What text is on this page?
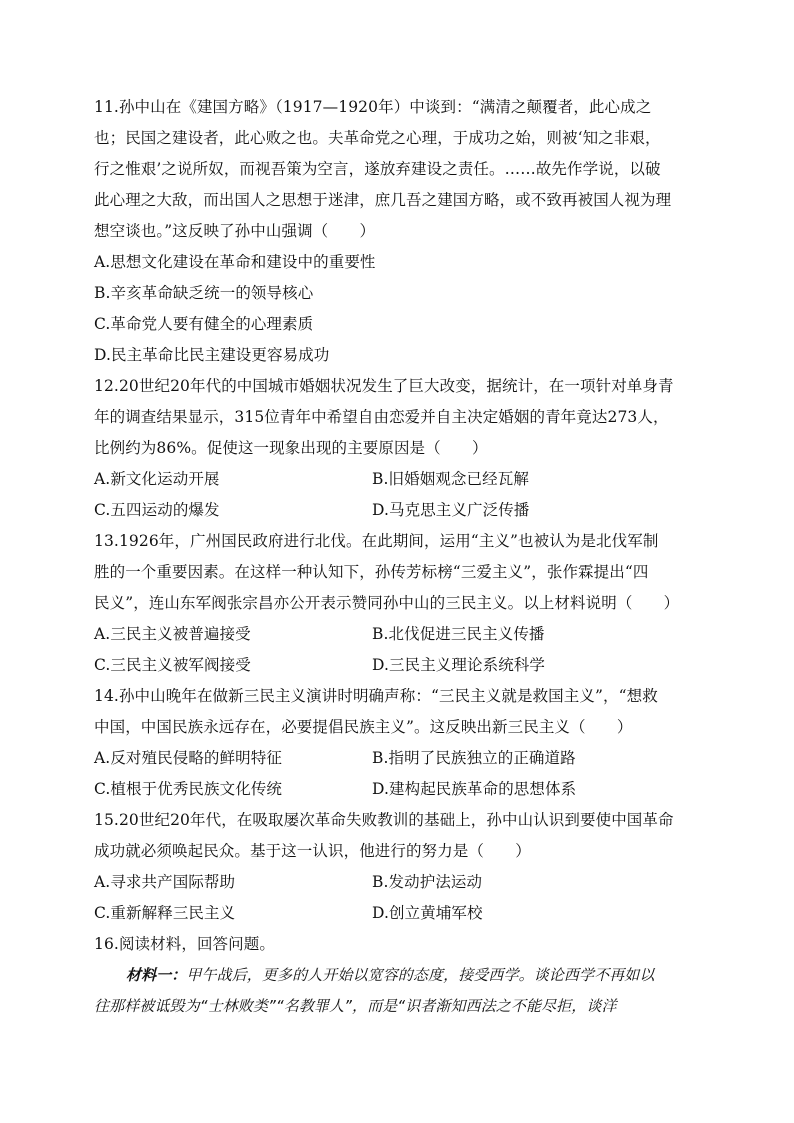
11.孙中山在《建国方略》（1917—1920年）中谈到：“满清之颠覆者，此心成之
也；民国之建设者，此心败之也。夫革命党之心理，于成功之始，则被‘知之非艰，
行之惟艰’之说所奴，而视吾策为空言，遂放弃建设之责任。……故先作学说，以破
此心理之大敌，而出国人之思想于迷津，庶几吾之建国方略，或不致再被国人视为理
想空谈也。”这反映了孙中山强调（　　）
A.思想文化建设在革命和建设中的重要性
B.辛亥革命缺乏统一的领导核心
C.革命党人要有健全的心理素质
D.民主革命比民主建设更容易成功
12.20世纪20年代的中国城市婚姻状况发生了巨大改变，据统计，在一项针对单身青
年的调查结果显示，315位青年中希望自由恋爱并自主决定婚姻的青年竟达273人，
比例约为86%。促使这一现象出现的主要原因是（　　）
A.新文化运动开展	B.旧婚姻观念已经瓦解
C.五四运动的爆发	D.马克思主义广泛传播
13.1926年，广州国民政府进行北伐。在此期间，运用“主义”也被认为是北伐军制
胜的一个重要因素。在这样一种认知下，孙传芳标榜“三爱主义”，张作霖提出“四
民义”，连山东军阀张宗昌亦公开表示赞同孙中山的三民主义。以上材料说明（　　）
A.三民主义被普遍接受	B.北伐促进三民主义传播
C.三民主义被军阀接受	D.三民主义理论系统科学
14.孙中山晚年在做新三民主义演讲时明确声称：“三民主义就是救国主义”，“想救
中国，中国民族永远存在，必要提倡民族主义”。这反映出新三民主义（　　）
A.反对殖民侵略的鲜明特征	B.指明了民族独立的正确道路
C.植根于优秀民族文化传统	D.建构起民族革命的思想体系
15.20世纪20年代，在吸取屡次革命失败教训的基础上，孙中山认识到要使中国革命
成功就必须唤起民众。基于这一认识，他进行的努力是（　　）
A.寻求共产国际帮助	B.发动护法运动
C.重新解释三民主义	D.创立黄埔军校
16.阅读材料，回答问题。
材料一：甲午战后，更多的人开始以宽容的态度，接受西学。谈论西学不再如以
往那样被诋毁为“士林败类”“名教罪人”，而是“识者渐知西法之不能尽拒，谈洋
